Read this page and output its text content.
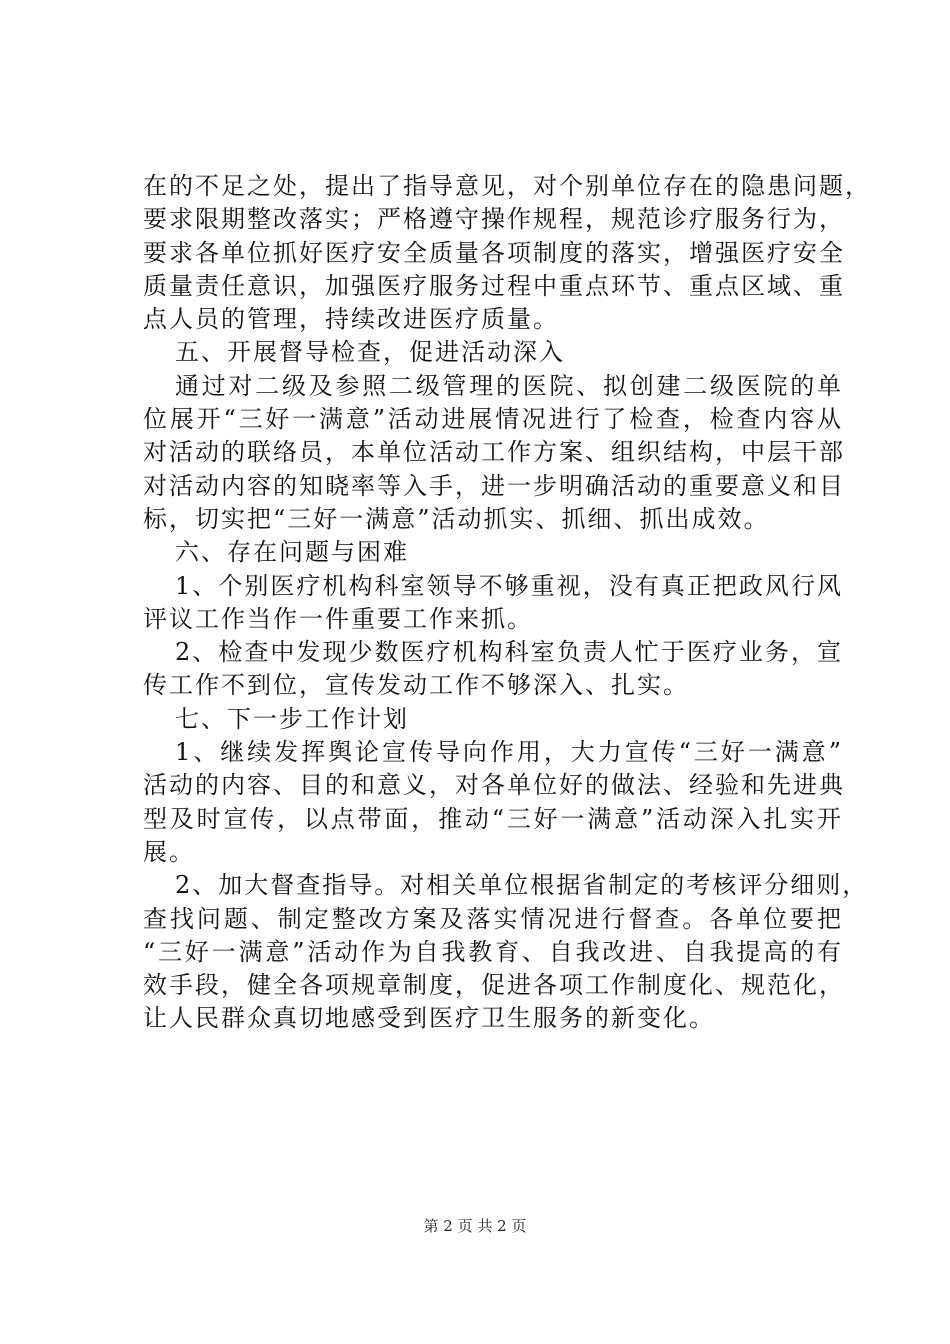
在的不足之处，提出了指导意见，对个别单位存在的隐患问题，
要求限期整改落实；严格遵守操作规程，规范诊疗服务行为，
要求各单位抓好医疗安全质量各项制度的落实，增强医疗安全
质量责任意识，加强医疗服务过程中重点环节、重点区域、重
点人员的管理，持续改进医疗质量。
五、开展督导检查，促进活动深入
通过对二级及参照二级管理的医院、拟创建二级医院的单
位展开“三好一满意”活动进展情况进行了检查，检查内容从
对活动的联络员，本单位活动工作方案、组织结构，中层干部
对活动内容的知晓率等入手，进一步明确活动的重要意义和目
标，切实把“三好一满意”活动抓实、抓细、抓出成效。
六、存在问题与困难
1、个别医疗机构科室领导不够重视，没有真正把政风行风
评议工作当作一件重要工作来抓。
2、检查中发现少数医疗机构科室负责人忙于医疗业务，宣
传工作不到位，宣传发动工作不够深入、扎实。
七、下一步工作计划
1、继续发挥舆论宣传导向作用，大力宣传“三好一满意”
活动的内容、目的和意义，对各单位好的做法、经验和先进典
型及时宣传，以点带面，推动“三好一满意”活动深入扎实开
展。
2、加大督查指导。对相关单位根据省制定的考核评分细则，
查找问题、制定整改方案及落实情况进行督查。各单位要把
“三好一满意”活动作为自我教育、自我改进、自我提高的有
效手段，健全各项规章制度，促进各项工作制度化、规范化，
让人民群众真切地感受到医疗卫生服务的新变化。
第 2 页 共 2 页
